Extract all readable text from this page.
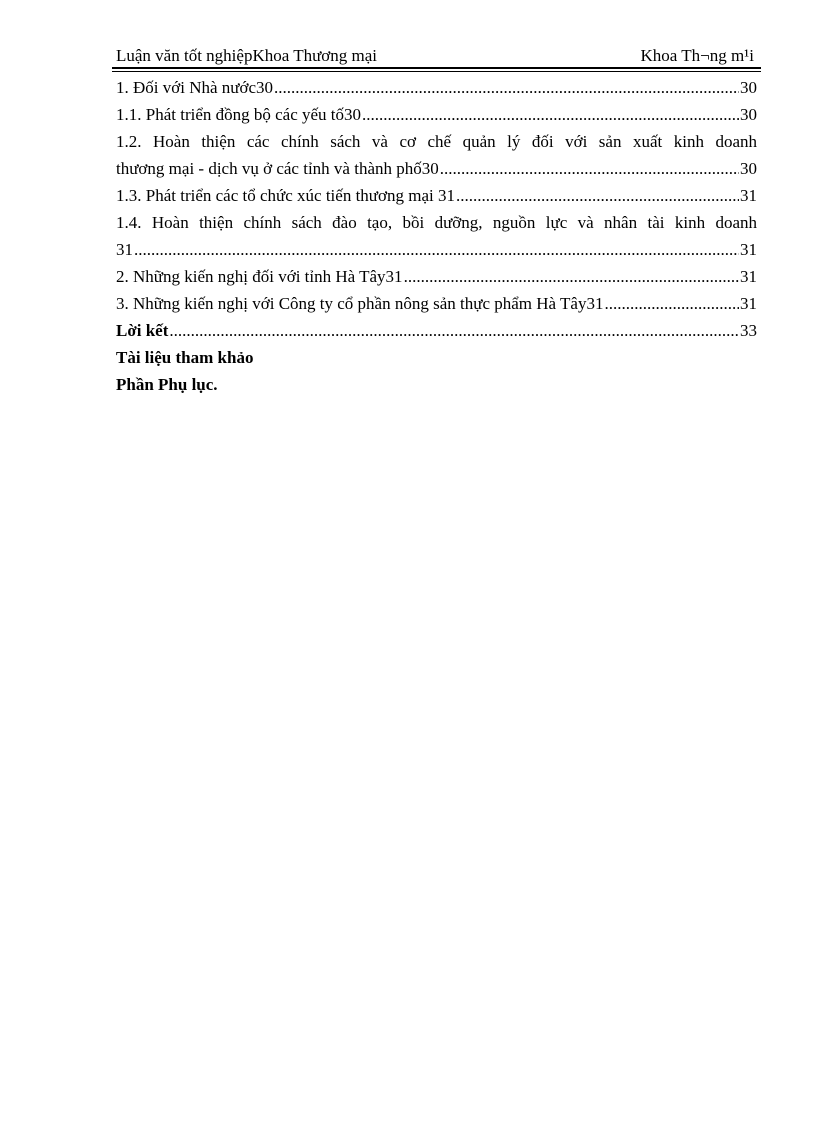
Luận văn tốt nghiệpKhoa Thương mại	Khoa Th¬ng m¹i
1. Đối với Nhà nước30 .....	30
1.1. Phát triển đồng bộ các yếu tố30 .....	30
1.2. Hoàn thiện các chính sách và cơ chế quản lý đối với sản xuất kinh doanh
thương mại - dịch vụ ở các tỉnh và thành phố30 .....	30
1.3. Phát triển các tổ chức xúc tiến thương mại 31 .....	31
1.4. Hoàn thiện chính sách đào tạo, bồi dưỡng, nguồn lực và nhân tài kinh doanh
31 .....	31
2. Những kiến nghị đối với tỉnh Hà Tây31 .....	31
3. Những kiến nghị với Công ty cổ phần nông sản thực phẩm Hà Tây31 .....	31
Lời kết .....	33
Tài liệu tham khảo
Phần Phụ lục.
